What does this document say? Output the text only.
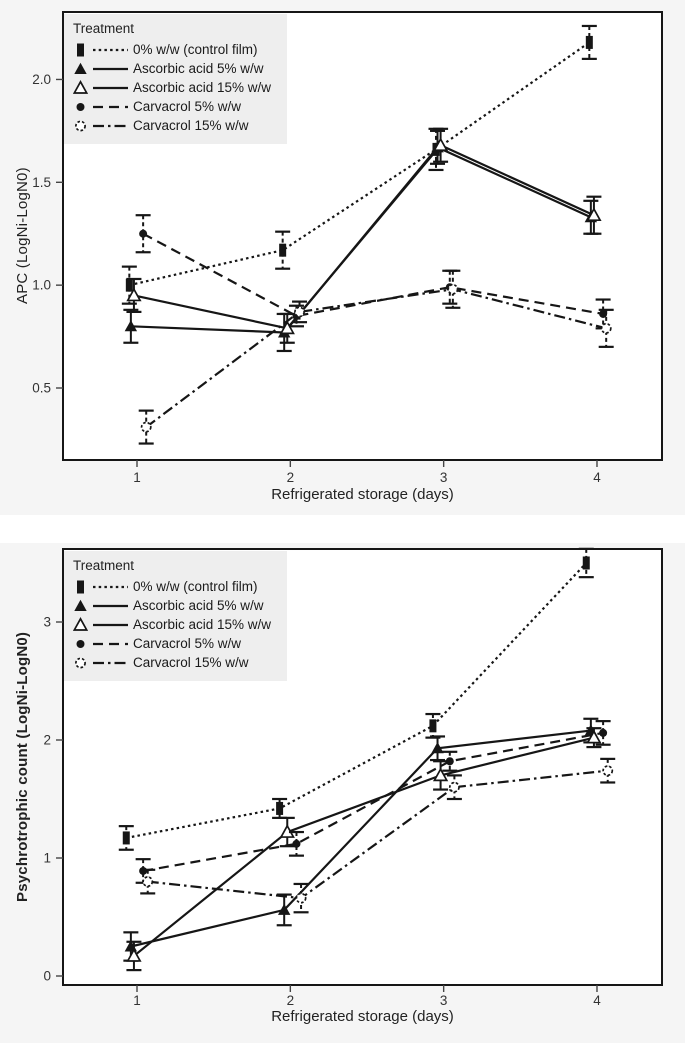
0.5
1.0
1.5
2.0
1	2	3	4
APC (LogNi-LogN0)
Treatment
0% w/w (control film)
Ascorbic acid 5% w/w
Ascorbic acid 15% w/w
Carvacrol 5% w/w
Carvacrol 15% w/w
Refrigerated storage (days)
0
1
2
3
1	2	3	4
Psychrotrophic count (LogNi-LogN0)
Treatment
0% w/w (control film)
Ascorbic acid 5% w/w
Ascorbic acid 15% w/w
Carvacrol 5% w/w
Carvacrol 15% w/w
Refrigerated storage (days)
